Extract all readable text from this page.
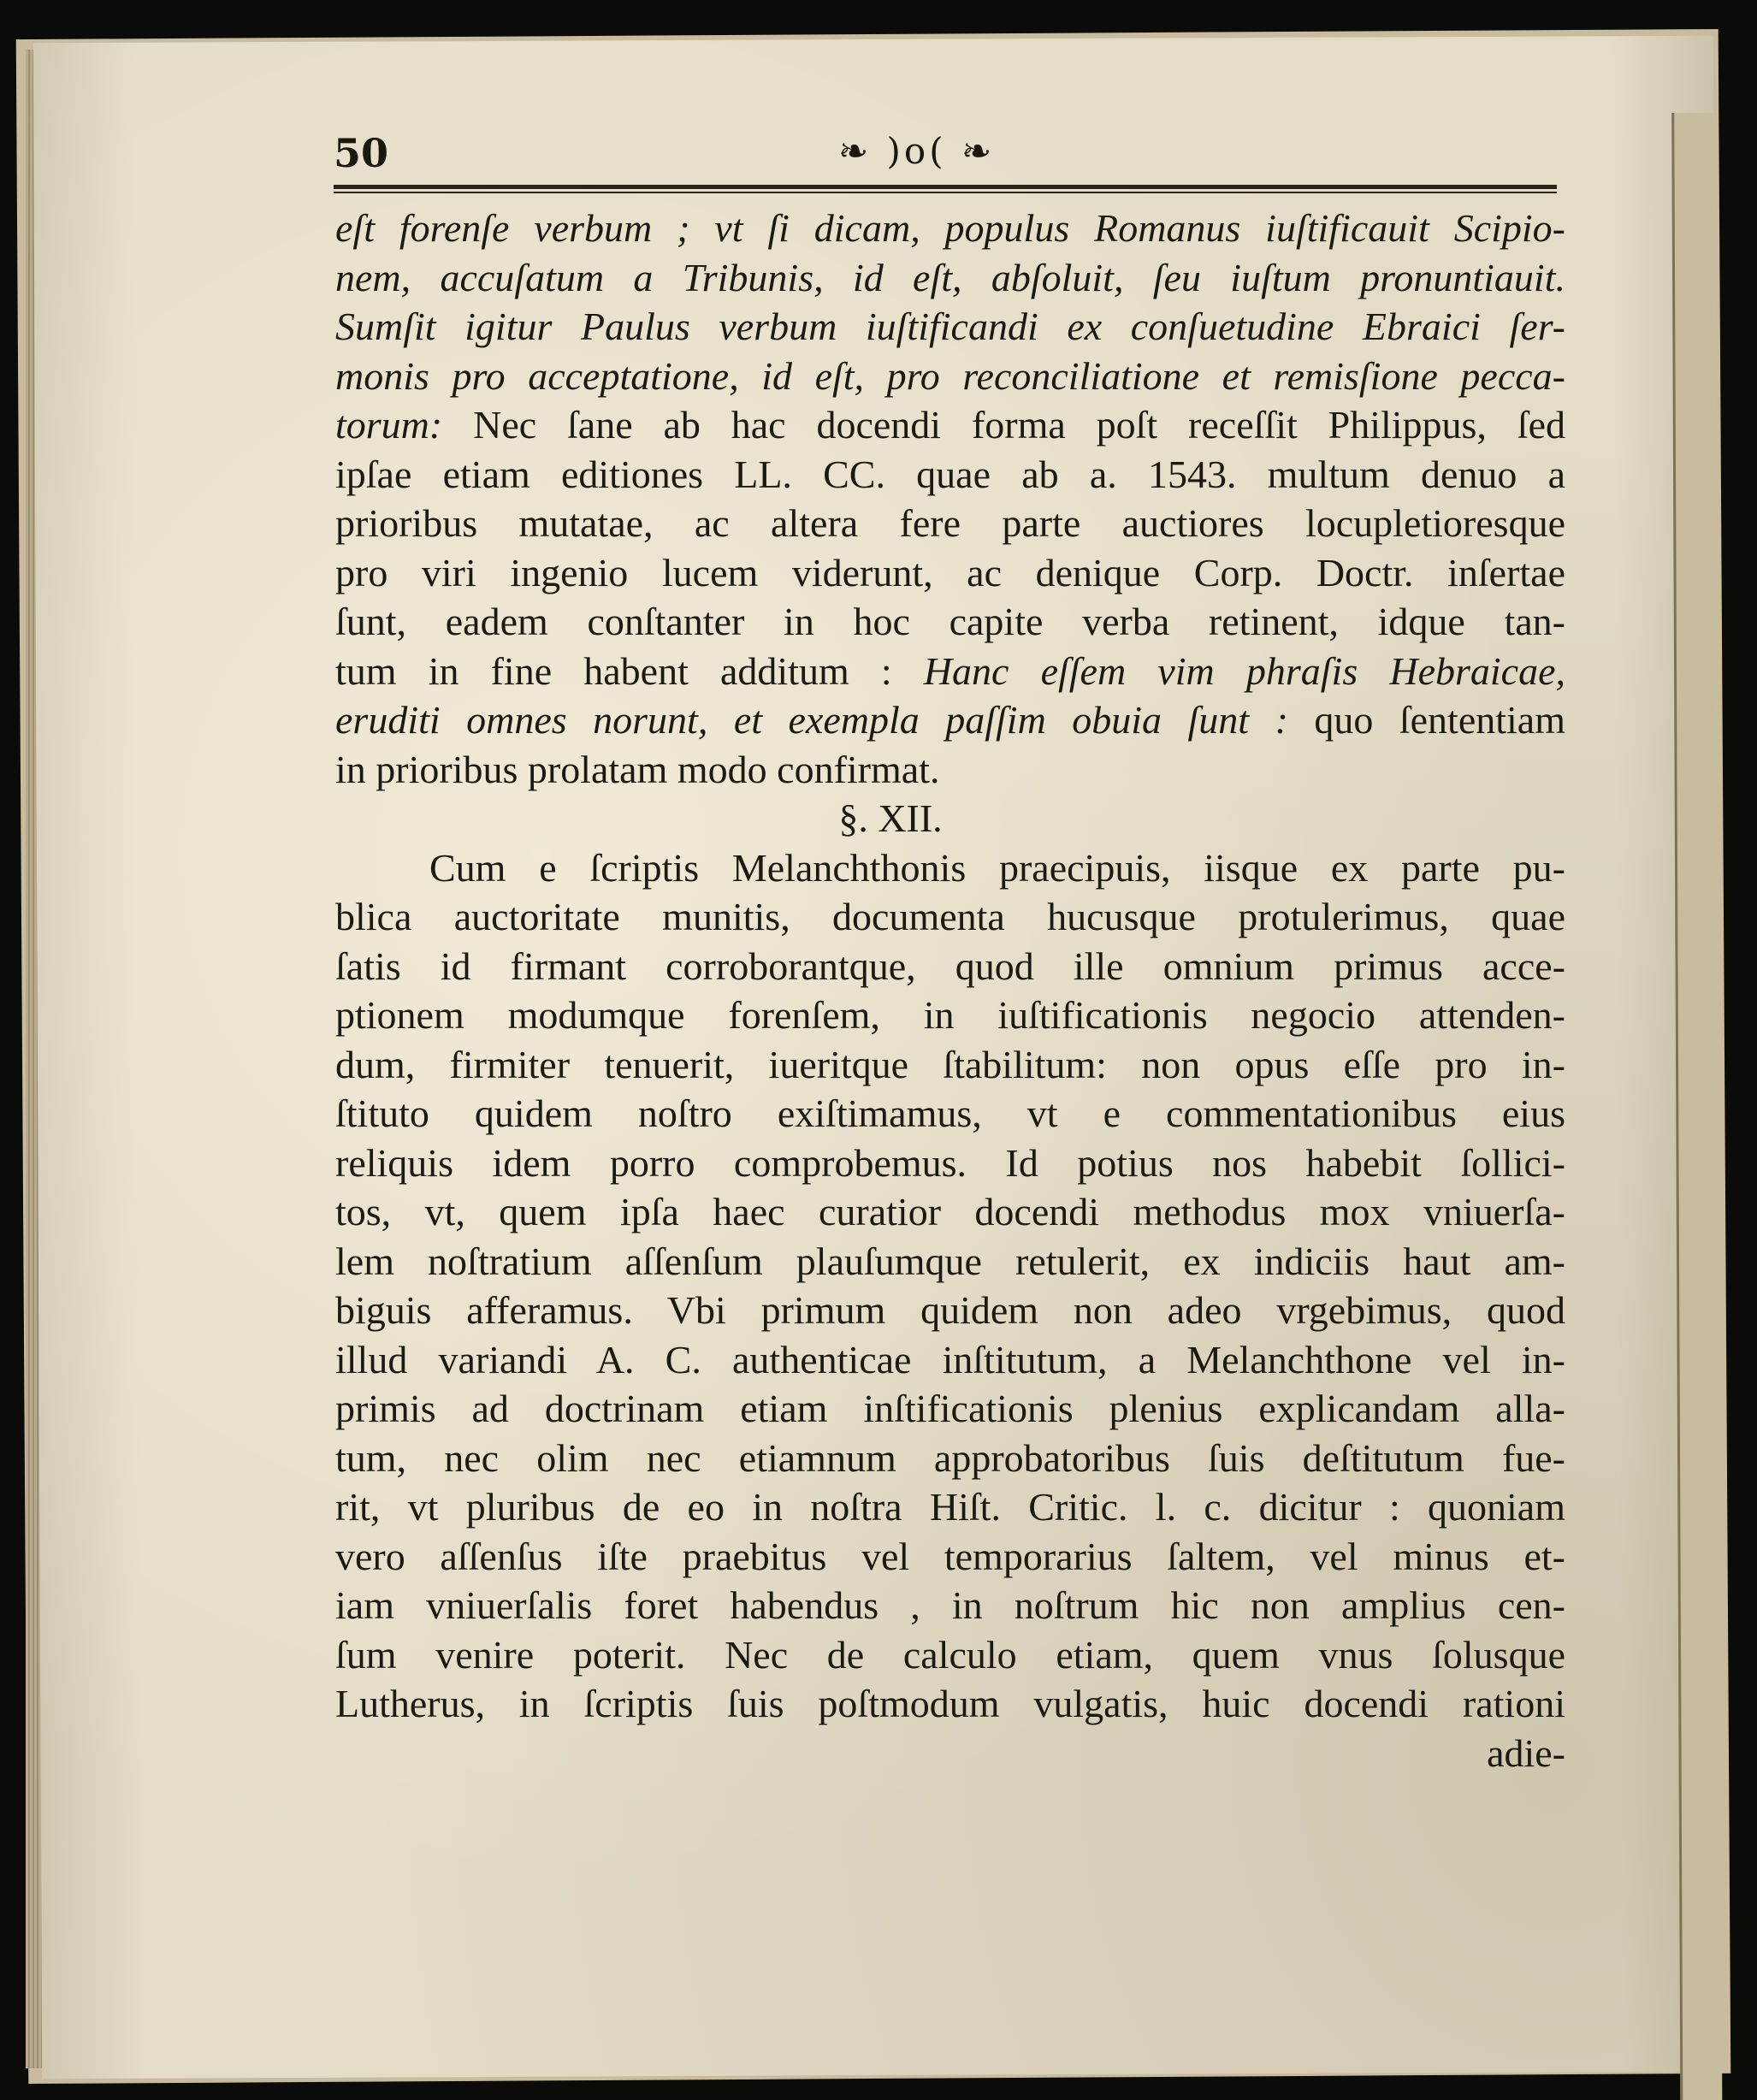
50	❧ )o( ❧
eſt forenſe verbum ; vt ſi dicam, populus Romanus iuſtificauit Scipio-
nem, accuſatum a Tribunis, id eſt, abſoluit, ſeu iuſtum pronuntiauit.
Sumſit igitur Paulus verbum iuſtificandi ex conſuetudine Ebraici ſer-
monis pro acceptatione, id eſt, pro reconciliatione et remisſione pecca-
torum: Nec ſane ab hac docendi forma poſt receſſit Philippus, ſed
ipſae etiam editiones LL. CC. quae ab a. 1543. multum denuo a
prioribus mutatae, ac altera fere parte auctiores locupletioresque
pro viri ingenio lucem viderunt, ac denique Corp. Doctr. inſertae
ſunt, eadem conſtanter in hoc capite verba retinent, idque tan-
tum in fine habent additum : Hanc eſſem vim phraſis Hebraicae,
eruditi omnes norunt, et exempla paſſim obuia ſunt : quo ſententiam
in prioribus prolatam modo confirmat.
§. XII.
Cum e ſcriptis Melanchthonis praecipuis, iisque ex parte pu-
blica auctoritate munitis, documenta hucusque protulerimus, quae
ſatis id firmant corroborantque, quod ille omnium primus acce-
ptionem modumque forenſem, in iuſtificationis negocio attenden-
dum, firmiter tenuerit, iueritque ſtabilitum: non opus eſſe pro in-
ſtituto quidem noſtro exiſtimamus, vt e commentationibus eius
reliquis idem porro comprobemus. Id potius nos habebit ſollici-
tos, vt, quem ipſa haec curatior docendi methodus mox vniuerſa-
lem noſtratium aſſenſum plauſumque retulerit, ex indiciis haut am-
biguis afferamus. Vbi primum quidem non adeo vrgebimus, quod
illud variandi A. C. authenticae inſtitutum, a Melanchthone vel in-
primis ad doctrinam etiam inſtificationis plenius explicandam alla-
tum, nec olim nec etiamnum approbatoribus ſuis deſtitutum fue-
rit, vt pluribus de eo in noſtra Hiſt. Critic. l. c. dicitur : quoniam
vero aſſenſus iſte praebitus vel temporarius ſaltem, vel minus et-
iam vniuerſalis foret habendus , in noſtrum hic non amplius cen-
ſum venire poterit. Nec de calculo etiam, quem vnus ſolusque
Lutherus, in ſcriptis ſuis poſtmodum vulgatis, huic docendi rationi
adie-
